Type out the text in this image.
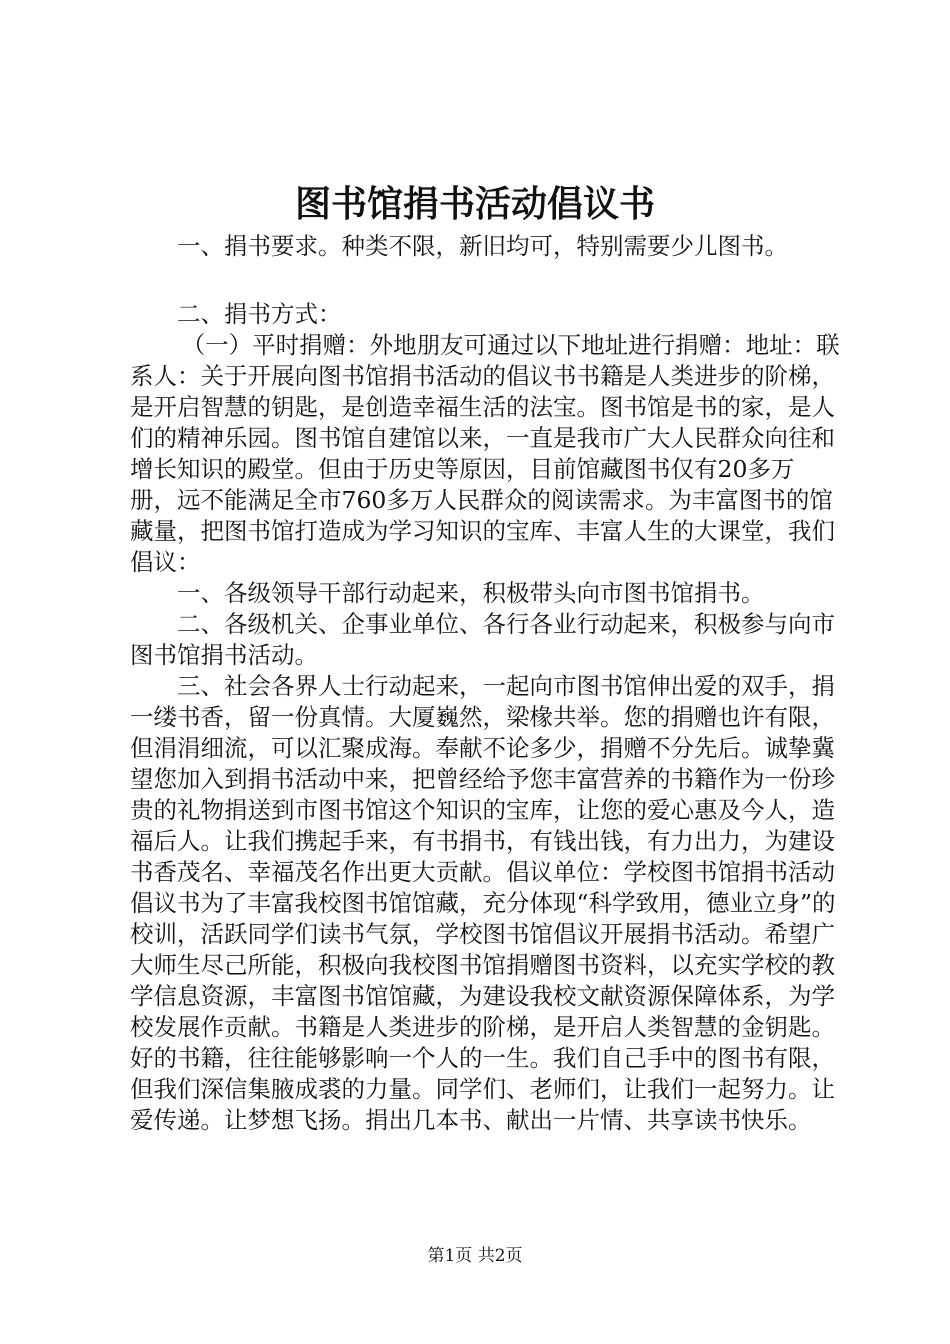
图书馆捐书活动倡议书

一、捐书要求。种类不限，新旧均可，特别需要少儿图书。

二、捐书方式：

（一）平时捐赠：外地朋友可通过以下地址进行捐赠：地址：联系人：关于开展向图书馆捐书活动的倡议书书籍是人类进步的阶梯，是开启智慧的钥匙，是创造幸福生活的法宝。图书馆是书的家，是人们的精神乐园。图书馆自建馆以来，一直是我市广大人民群众向往和增长知识的殿堂。但由于历史等原因，目前馆藏图书仅有20多万册，远不能满足全市760多万人民群众的阅读需求。为丰富图书的馆藏量，把图书馆打造成为学习知识的宝库、丰富人生的大课堂，我们倡议：

一、各级领导干部行动起来，积极带头向市图书馆捐书。

二、各级机关、企事业单位、各行各业行动起来，积极参与向市图书馆捐书活动。

三、社会各界人士行动起来，一起向市图书馆伸出爱的双手，捐一缕书香，留一份真情。大厦巍然，梁椽共举。您的捐赠也许有限，但涓涓细流，可以汇聚成海。奉献不论多少，捐赠不分先后。诚挚冀望您加入到捐书活动中来，把曾经给予您丰富营养的书籍作为一份珍贵的礼物捐送到市图书馆这个知识的宝库，让您的爱心惠及今人，造福后人。让我们携起手来，有书捐书，有钱出钱，有力出力，为建设书香茂名、幸福茂名作出更大贡献。倡议单位：学校图书馆捐书活动倡议书为了丰富我校图书馆馆藏，充分体现“科学致用，德业立身”的校训，活跃同学们读书气氛，学校图书馆倡议开展捐书活动。希望广大师生尽己所能，积极向我校图书馆捐赠图书资料，以充实学校的教学信息资源，丰富图书馆馆藏，为建设我校文献资源保障体系，为学校发展作贡献。书籍是人类进步的阶梯，是开启人类智慧的金钥匙。好的书籍，往往能够影响一个人的一生。我们自己手中的图书有限，但我们深信集腋成裘的力量。同学们、老师们，让我们一起努力。让爱传递。让梦想飞扬。捐出几本书、献出一片情、共享读书快乐。

第1页 共2页
